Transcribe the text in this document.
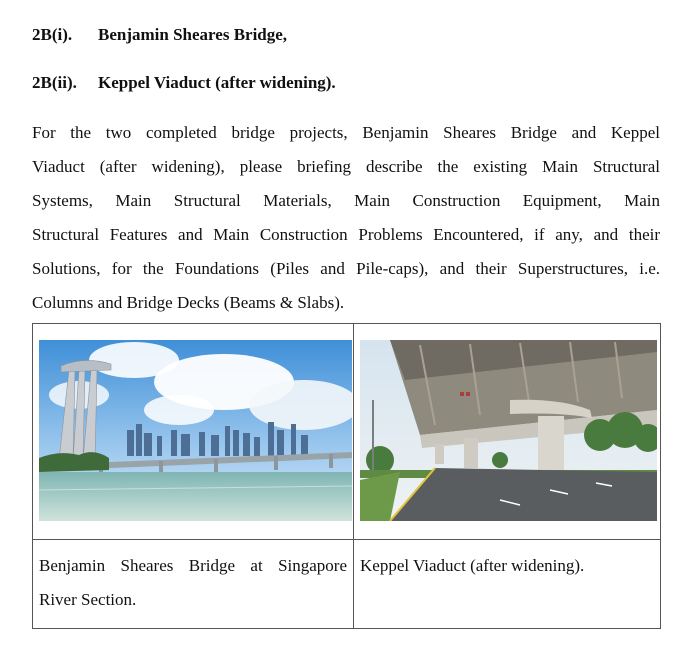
2B(i). Benjamin Sheares Bridge,
2B(ii). Keppel Viaduct (after widening).
For the two completed bridge projects, Benjamin Sheares Bridge and Keppel
Viaduct (after widening), please briefing describe the existing Main Structural
Systems, Main Structural Materials, Main Construction Equipment, Main
Structural Features and Main Construction Problems Encountered, if any, and their
Solutions, for the Foundations (Piles and Pile-caps), and their Superstructures, i.e.
Columns and Bridge Decks (Beams & Slabs).

Benjamin Sheares Bridge at Singapore
River Section.	Keppel Viaduct (after widening).
